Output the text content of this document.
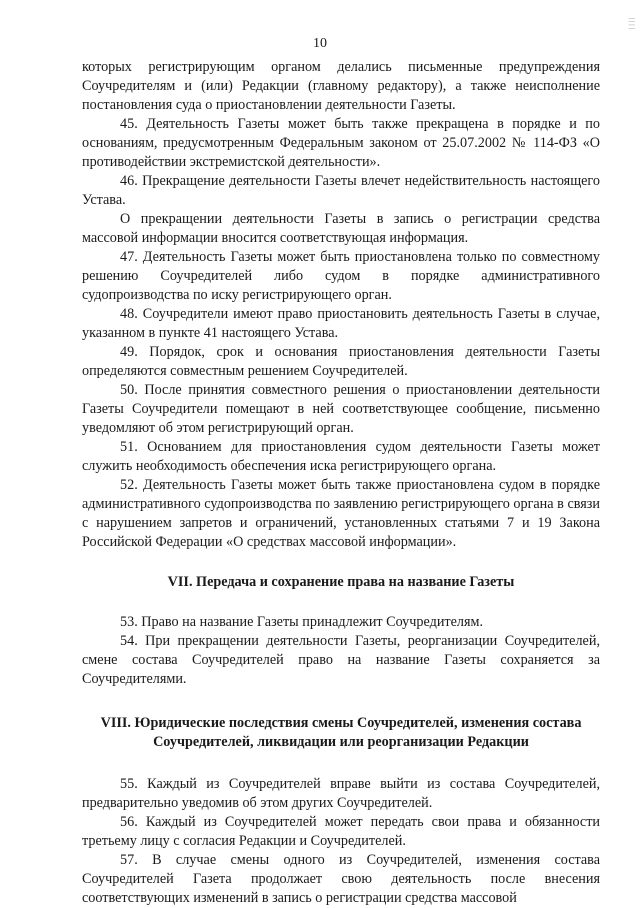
10
| | | |

которых регистрирующим органом делались письменные предупреждения Соучредителям и (или) Редакции (главному редактору), а также неисполнение постановления суда о приостановлении деятельности Газеты.

45. Деятельность Газеты может быть также прекращена в порядке и по основаниям, предусмотренным Федеральным законом от 25.07.2002 № 114-ФЗ «О противодействии экстремистской деятельности».

46. Прекращение деятельности Газеты влечет недействительность настоящего Устава.

О прекращении деятельности Газеты в запись о регистрации средства массовой информации вносится соответствующая информация.

47. Деятельность Газеты может быть приостановлена только по совместному решению Соучредителей либо судом в порядке административного судопроизводства по иску регистрирующего орган.

48. Соучредители имеют право приостановить деятельность Газеты в случае, указанном в пункте 41 настоящего Устава.

49. Порядок, срок и основания приостановления деятельности Газеты определяются совместным решением Соучредителей.

50. После принятия совместного решения о приостановлении деятельности Газеты Соучредители помещают в ней соответствующее сообщение, письменно уведомляют об этом регистрирующий орган.

51. Основанием для приостановления судом деятельности Газеты может служить необходимость обеспечения иска регистрирующего органа.

52. Деятельность Газеты может быть также приостановлена судом в порядке административного судопроизводства по заявлению регистрирующего органа в связи с нарушением запретов и ограничений, установленных статьями 7 и 19 Закона Российской Федерации «О средствах массовой информации».

VII. Передача и сохранение права на название Газеты

53. Право на название Газеты принадлежит Соучредителям.

54. При прекращении деятельности Газеты, реорганизации Соучредителей, смене состава Соучредителей право на название Газеты сохраняется за Соучредителями.

VIII. Юридические последствия смены Соучредителей, изменения состава
Соучредителей, ликвидации или реорганизации Редакции

55. Каждый из Соучредителей вправе выйти из состава Соучредителей, предварительно уведомив об этом других Соучредителей.

56. Каждый из Соучредителей может передать свои права и обязанности третьему лицу с согласия Редакции и Соучредителей.

57. В случае смены одного из Соучредителей, изменения состава Соучредителей Газета продолжает свою деятельность после внесения соответствующих изменений в запись о регистрации средства массовой
